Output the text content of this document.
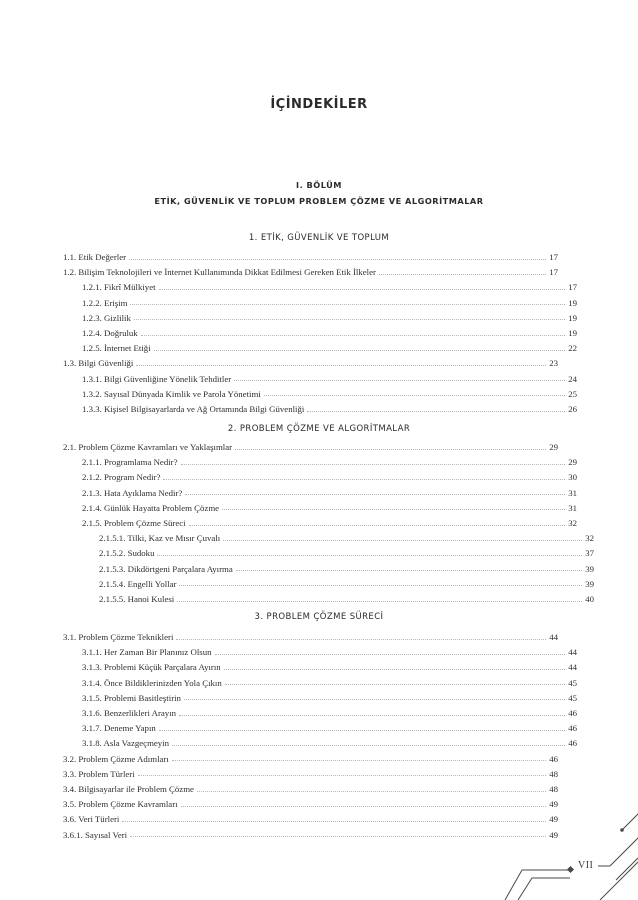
İÇİNDEKİLER
I. BÖLÜM
ETİK, GÜVENLİK VE TOPLUM PROBLEM ÇÖZME VE ALGORİTMALAR
1. ETİK, GÜVENLİK VE TOPLUM
1.1. Etik Değerler	17
1.2. Bilişim Teknolojileri ve İnternet Kullanımında Dikkat Edilmesi Gereken Etik İlkeler	17
1.2.1. Fikrî Mülkiyet	17
1.2.2. Erişim	19
1.2.3. Gizlilik	19
1.2.4. Doğruluk	19
1.2.5. İnternet Etiği	22
1.3. Bilgi Güvenliği	23
1.3.1. Bilgi Güvenliğine Yönelik Tehditler	24
1.3.2. Sayısal Dünyada Kimlik ve Parola Yönetimi	25
1.3.3. Kişisel Bilgisayarlarda ve Ağ Ortamında Bilgi Güvenliği	26
2. PROBLEM ÇÖZME VE ALGORİTMALAR
2.1. Problem Çözme Kavramları ve Yaklaşımlar	29
2.1.1. Programlama Nedir?	29
2.1.2. Program Nedir?	30
2.1.3. Hata Ayıklama Nedir?	31
2.1.4. Günlük Hayatta Problem Çözme	31
2.1.5. Problem Çözme Süreci	32
2.1.5.1. Tilki, Kaz ve Mısır Çuvalı	32
2.1.5.2. Sudoku	37
2.1.5.3. Dikdörtgeni Parçalara Ayırma	39
2.1.5.4. Engelli Yollar	39
2.1.5.5. Hanoi Kulesi	40
3. PROBLEM ÇÖZME SÜRECİ
3.1. Problem Çözme Teknikleri	44
3.1.1. Her Zaman Bir Planınız Olsun	44
3.1.3. Problemi Küçük Parçalara Ayırın	44
3.1.4. Önce Bildiklerinizden Yola Çıkın	45
3.1.5. Problemi Basitleştirin	45
3.1.6. Benzerlikleri Arayın	46
3.1.7. Deneme Yapın	46
3.1.8. Asla Vazgeçmeyin	46
3.2. Problem Çözme Adımları	46
3.3. Problem Türleri	48
3.4. Bilgisayarlar ile Problem Çözme	48
3.5. Problem Çözme Kavramları	49
3.6. Veri Türleri	49
3.6.1. Sayısal Veri	49
VII
